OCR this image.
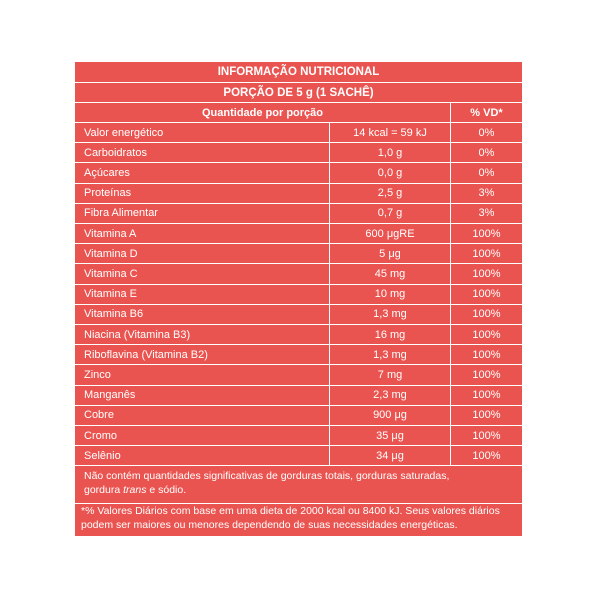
INFORMAÇÃO NUTRICIONAL
PORÇÃO DE 5 g (1 SACHÊ)
Quantidade por porção	% VD*
Valor energético	14 kcal = 59 kJ	0%
Carboidratos	1,0 g	0%
Açúcares	0,0 g	0%
Proteínas	2,5 g	3%
Fibra Alimentar	0,7 g	3%
Vitamina A	600 μgRE	100%
Vitamina D	5 μg	100%
Vitamina C	45 mg	100%
Vitamina E	10 mg	100%
Vitamina B6	1,3 mg	100%
Niacina (Vitamina B3)	16 mg	100%
Riboflavina (Vitamina B2)	1,3 mg	100%
Zinco	7 mg	100%
Manganês	2,3 mg	100%
Cobre	900 μg	100%
Cromo	35 μg	100%
Selênio	34 μg	100%
Não contém quantidades significativas de gorduras totais, gorduras saturadas,
gordura trans e sódio.
*% Valores Diários com base em uma dieta de 2000 kcal ou 8400 kJ. Seus valores diários
podem ser maiores ou menores dependendo de suas necessidades energéticas.
